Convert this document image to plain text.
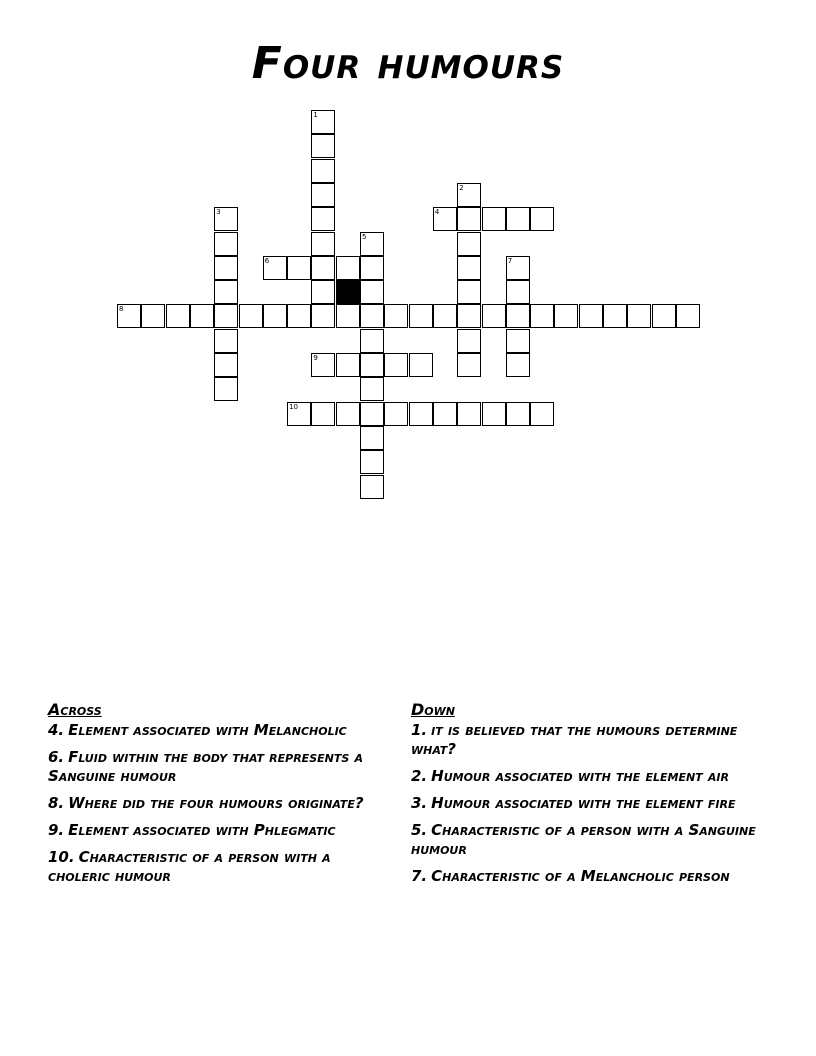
Four humours
8
1
3
6
5
2
4
7
9
10
Across
4. Element associated with Melancholic
6. Fluid within the body that represents a Sanguine humour
8. Where did the four humours originate?
9. Element associated with Phlegmatic
10. Characteristic of a person with a choleric humour
Down
1. it is believed that the humours determine what?
2. Humour associated with the element air
3. Humour associated with the element fire
5. Characteristic of a person with a Sanguine humour
7. Characteristic of a Melancholic person
